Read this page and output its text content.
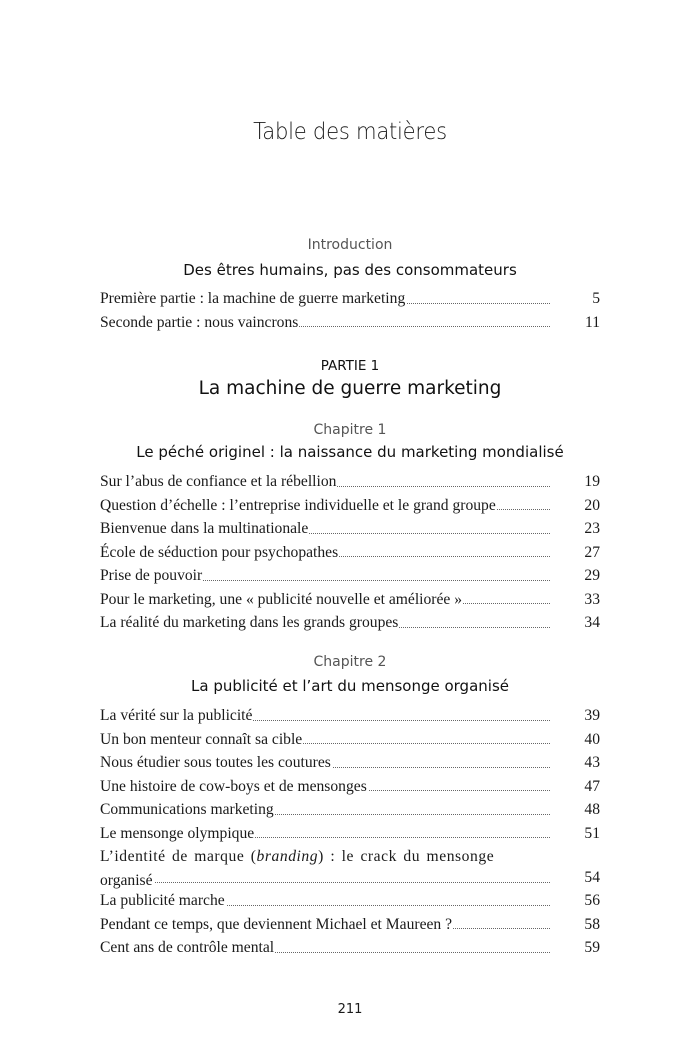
Table des matières
Introduction
Des êtres humains, pas des consommateurs
Première partie : la machine de guerre marketing	5
Seconde partie : nous vaincrons	11
PARTIE 1
La machine de guerre marketing
Chapitre 1
Le péché originel : la naissance du marketing mondialisé
Sur l’abus de confiance et la rébellion	19
Question d’échelle : l’entreprise individuelle et le grand groupe	20
Bienvenue dans la multinationale	23
École de séduction pour psychopathes	27
Prise de pouvoir	29
Pour le marketing, une « publicité nouvelle et améliorée »	33
La réalité du marketing dans les grands groupes	34
Chapitre 2
La publicité et l’art du mensonge organisé
La vérité sur la publicité	39
Un bon menteur connaît sa cible	40
Nous étudier sous toutes les coutures	43
Une histoire de cow-boys et de mensonges	47
Communications marketing	48
Le mensonge olympique	51
L’identité de marque (branding) : le crack du mensonge
organisé	54
La publicité marche	56
Pendant ce temps, que deviennent Michael et Maureen ?	58
Cent ans de contrôle mental	59
211
